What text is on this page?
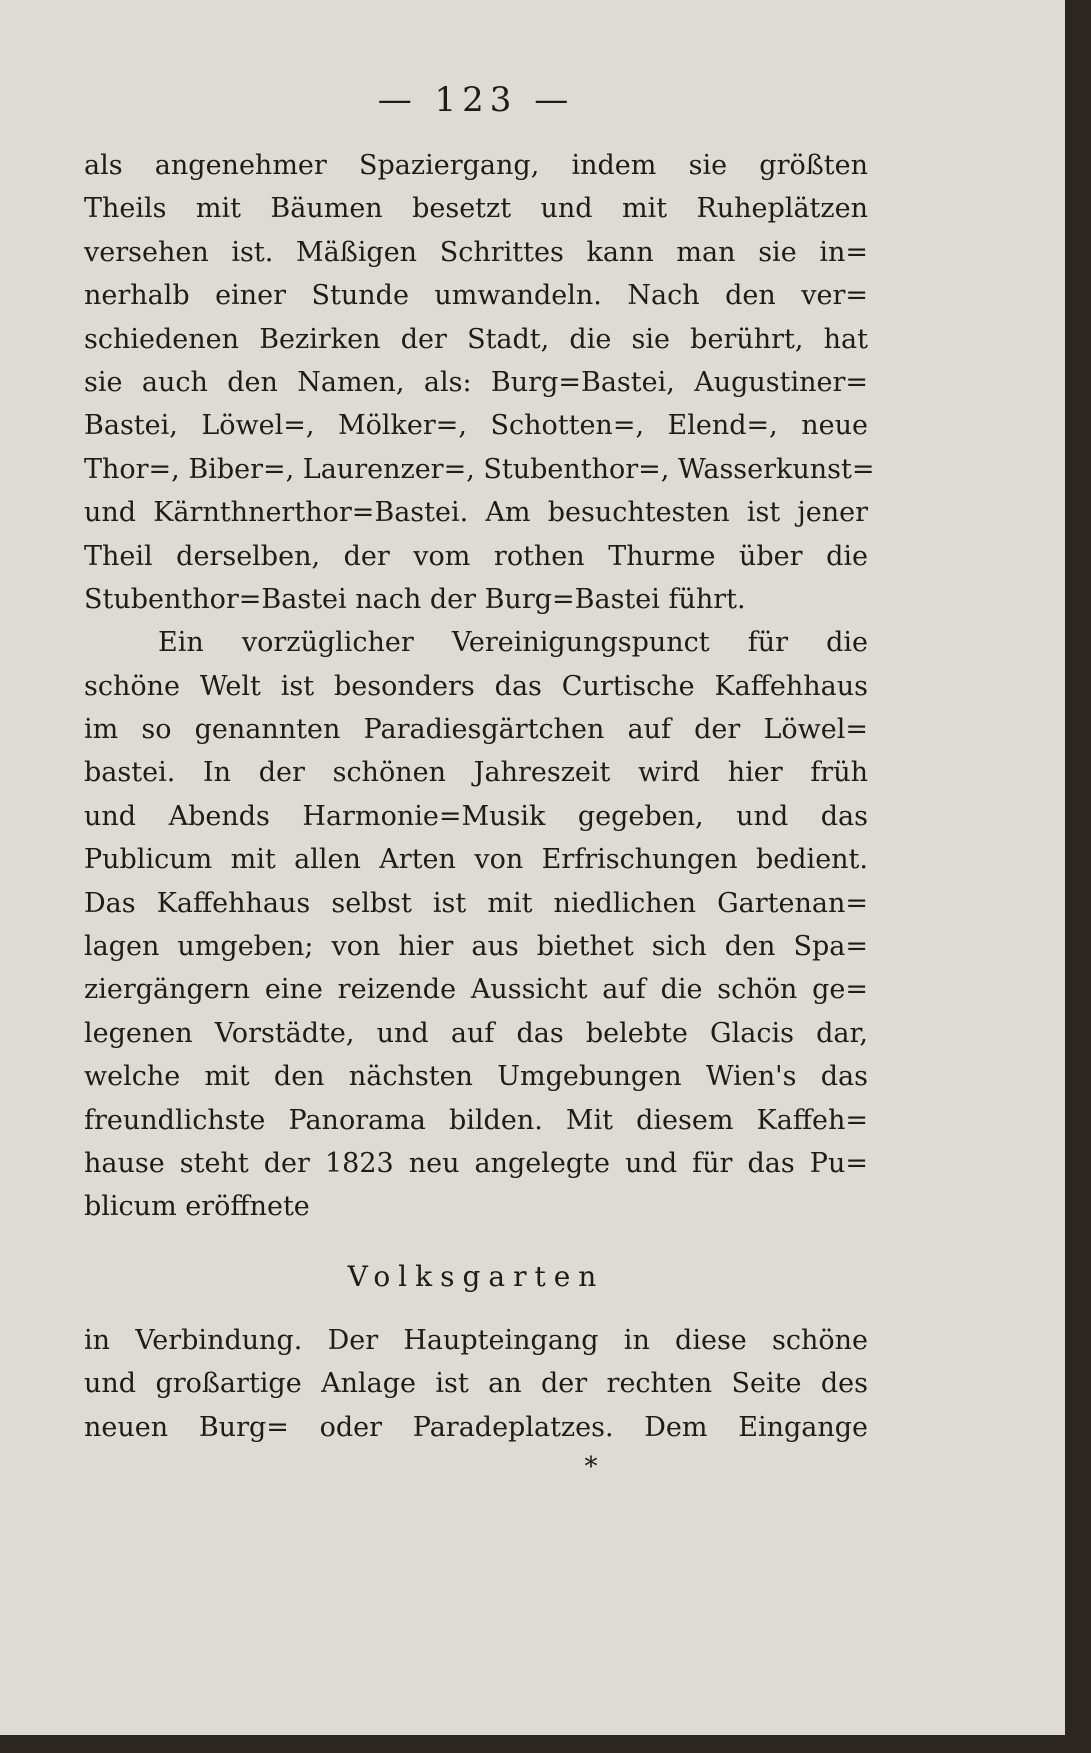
— 123 —
als angenehmer Spaziergang, indem sie größten
Theils mit Bäumen besetzt und mit Ruheplätzen
versehen ist. Mäßigen Schrittes kann man sie in=
nerhalb einer Stunde umwandeln. Nach den ver=
schiedenen Bezirken der Stadt, die sie berührt, hat
sie auch den Namen, als: Burg=Bastei, Augustiner=
Bastei, Löwel=, Mölker=, Schotten=, Elend=, neue
Thor=, Biber=, Laurenzer=, Stubenthor=, Wasserkunst=
und Kärnthnerthor=Bastei. Am besuchtesten ist jener
Theil derselben, der vom rothen Thurme über die
Stubenthor=Bastei nach der Burg=Bastei führt.
Ein vorzüglicher Vereinigungspunct für die
schöne Welt ist besonders das Curtische Kaffehhaus
im so genannten Paradiesgärtchen auf der Löwel=
bastei. In der schönen Jahreszeit wird hier früh
und Abends Harmonie=Musik gegeben, und das
Publicum mit allen Arten von Erfrischungen bedient.
Das Kaffehhaus selbst ist mit niedlichen Gartenan=
lagen umgeben; von hier aus biethet sich den Spa=
ziergängern eine reizende Aussicht auf die schön ge=
legenen Vorstädte, und auf das belebte Glacis dar,
welche mit den nächsten Umgebungen Wien's das
freundlichste Panorama bilden. Mit diesem Kaffeh=
hause steht der 1823 neu angelegte und für das Pu=
blicum eröffnete
Volksgarten
in Verbindung. Der Haupteingang in diese schöne
und großartige Anlage ist an der rechten Seite des
neuen Burg= oder Paradeplatzes. Dem Eingange
*
